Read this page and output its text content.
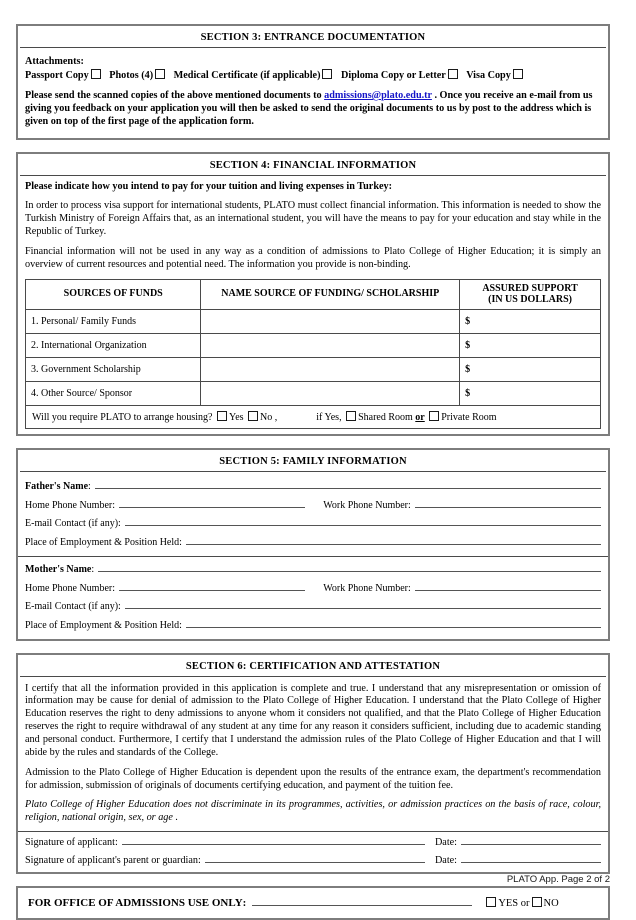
SECTION 3: ENTRANCE DOCUMENTATION
Attachments:
Passport Copy Photos (4) Medical Certificate (if applicable) Diploma Copy or Letter Visa Copy

Please send the scanned copies of the above mentioned documents to admissions@plato.edu.tr . Once you receive an e-mail from us giving you feedback on your application you will then be asked to send the original documents to us by post to the address which is given on top of the first page of the application form.

SECTION 4: FINANCIAL INFORMATION

Please indicate how you intend to pay for your tuition and living expenses in Turkey:

In order to process visa support for international students, PLATO must collect financial information. This information is needed to show the Turkish Ministry of Foreign Affairs that, as an international student, you will have the means to pay for your education and stay while in the Republic of Turkey.

Financial information will not be used in any way as a condition of admissions to Plato College of Higher Education; it is simply an overview of current resources and potential need. The information you provide is non-binding.

SOURCES OF FUNDS	NAME SOURCE OF FUNDING/ SCHOLARSHIP	ASSURED SUPPORT
(IN US DOLLARS)
1. Personal/ Family Funds		$
2. International Organization		$
3. Government Scholarship		$
4. Other Source/ Sponsor		$
Will you require PLATO to arrange housing? Yes No ,	if Yes, Shared Room or Private Room
SECTION 5: FAMILY INFORMATION
Father's Name :
Home Phone Number:	Work Phone Number:
E-mail Contact (if any):
Place of Employment & Position Held:
Mother's Name :
Home Phone Number:	Work Phone Number:
E-mail Contact (if any):
Place of Employment & Position Held:
SECTION 6: CERTIFICATION AND ATTESTATION

I certify that all the information provided in this application is complete and true. I understand that any misrepresentation or omission of information may be cause for denial of admission to the Plato College of Higher Education. I understand that the Plato College of Higher Education reserves the right to deny admissions to anyone whom it considers not qualified, and that the Plato College of Higher Education reserves the right to require withdrawal of any student at any time for any reason it considers sufficient, including due to academic standing and personal conduct. Furthermore, I certify that I understand the admission rules of the Plato College of Higher Education and that I will abide by the rules and standards of the College.

Admission to the Plato College of Higher Education is dependent upon the results of the entrance exam, the department's recommendation for admission, submission of originals of documents certifying education, and payment of the tuition fee.

Plato College of Higher Education does not discriminate in its programmes, activities, or admission practices on the basis of race, colour, religion, national origin, sex, or age .

Signature of applicant:	Date:
Signature of applicant's parent or guardian:	Date:
FOR OFFICE OF ADMISSIONS USE ONLY :	YES or NO
PLATO App. Page 2 of 2
